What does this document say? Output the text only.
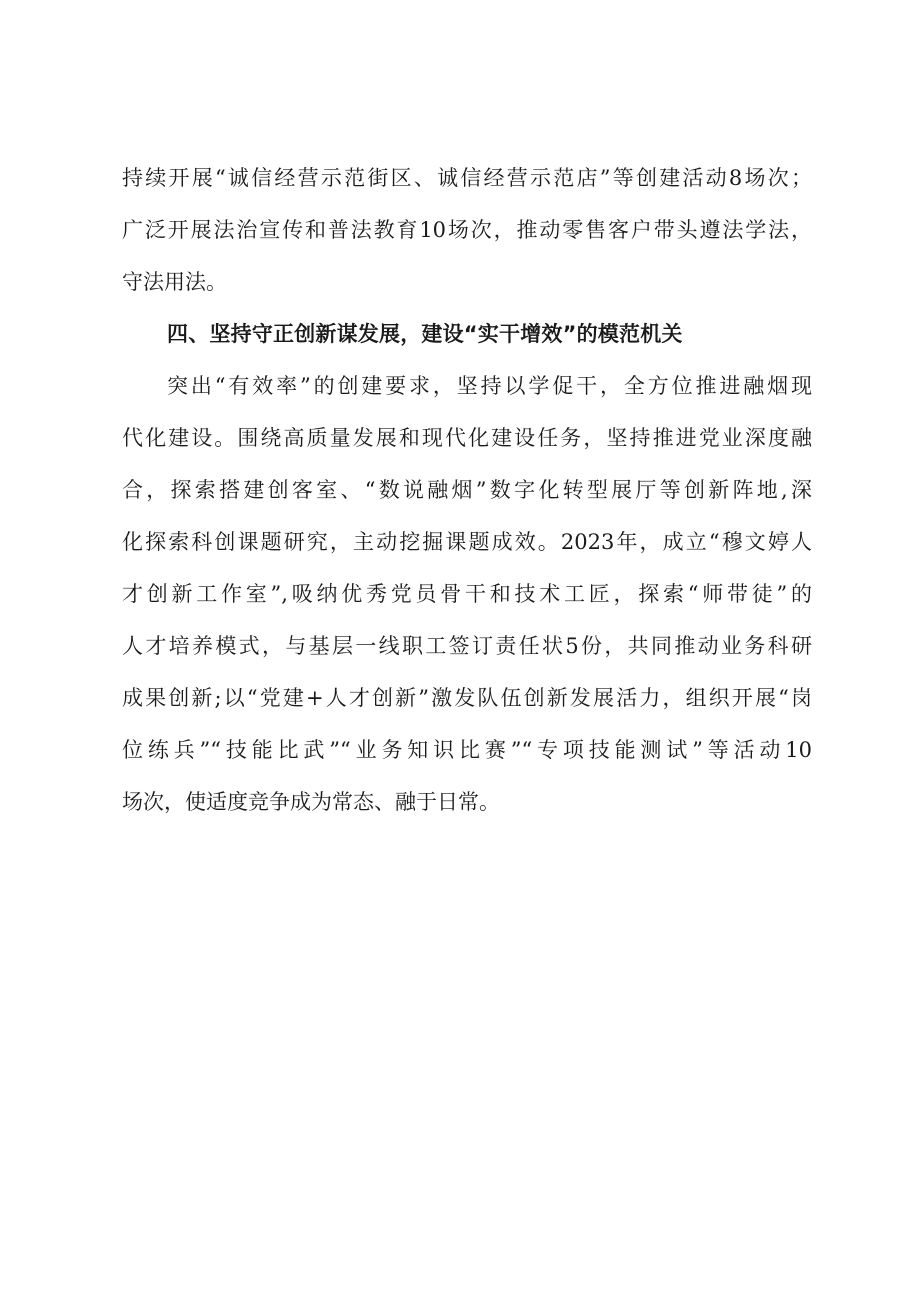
持续开展“诚信经营示范街区、诚信经营示范店”等创建活动8场次；
广泛开展法治宣传和普法教育10场次，推动零售客户带头遵法学法，
守法用法。
四、坚持守正创新谋发展，建设“实干增效”的模范机关
突出“有效率”的创建要求，坚持以学促干，全方位推进融烟现
代化建设。围绕高质量发展和现代化建设任务，坚持推进党业深度融
合，探索搭建创客室、“数说融烟”数字化转型展厅等创新阵地,深
化探索科创课题研究，主动挖掘课题成效。2023年，成立“穆文婷人
才创新工作室”,吸纳优秀党员骨干和技术工匠，探索“师带徒”的
人才培养模式，与基层一线职工签订责任状5份，共同推动业务科研
成果创新;以“党建+人才创新”激发队伍创新发展活力，组织开展“岗
位练兵”“技能比武”“业务知识比赛”“专项技能测试”等活动10
场次，使适度竞争成为常态、融于日常。
